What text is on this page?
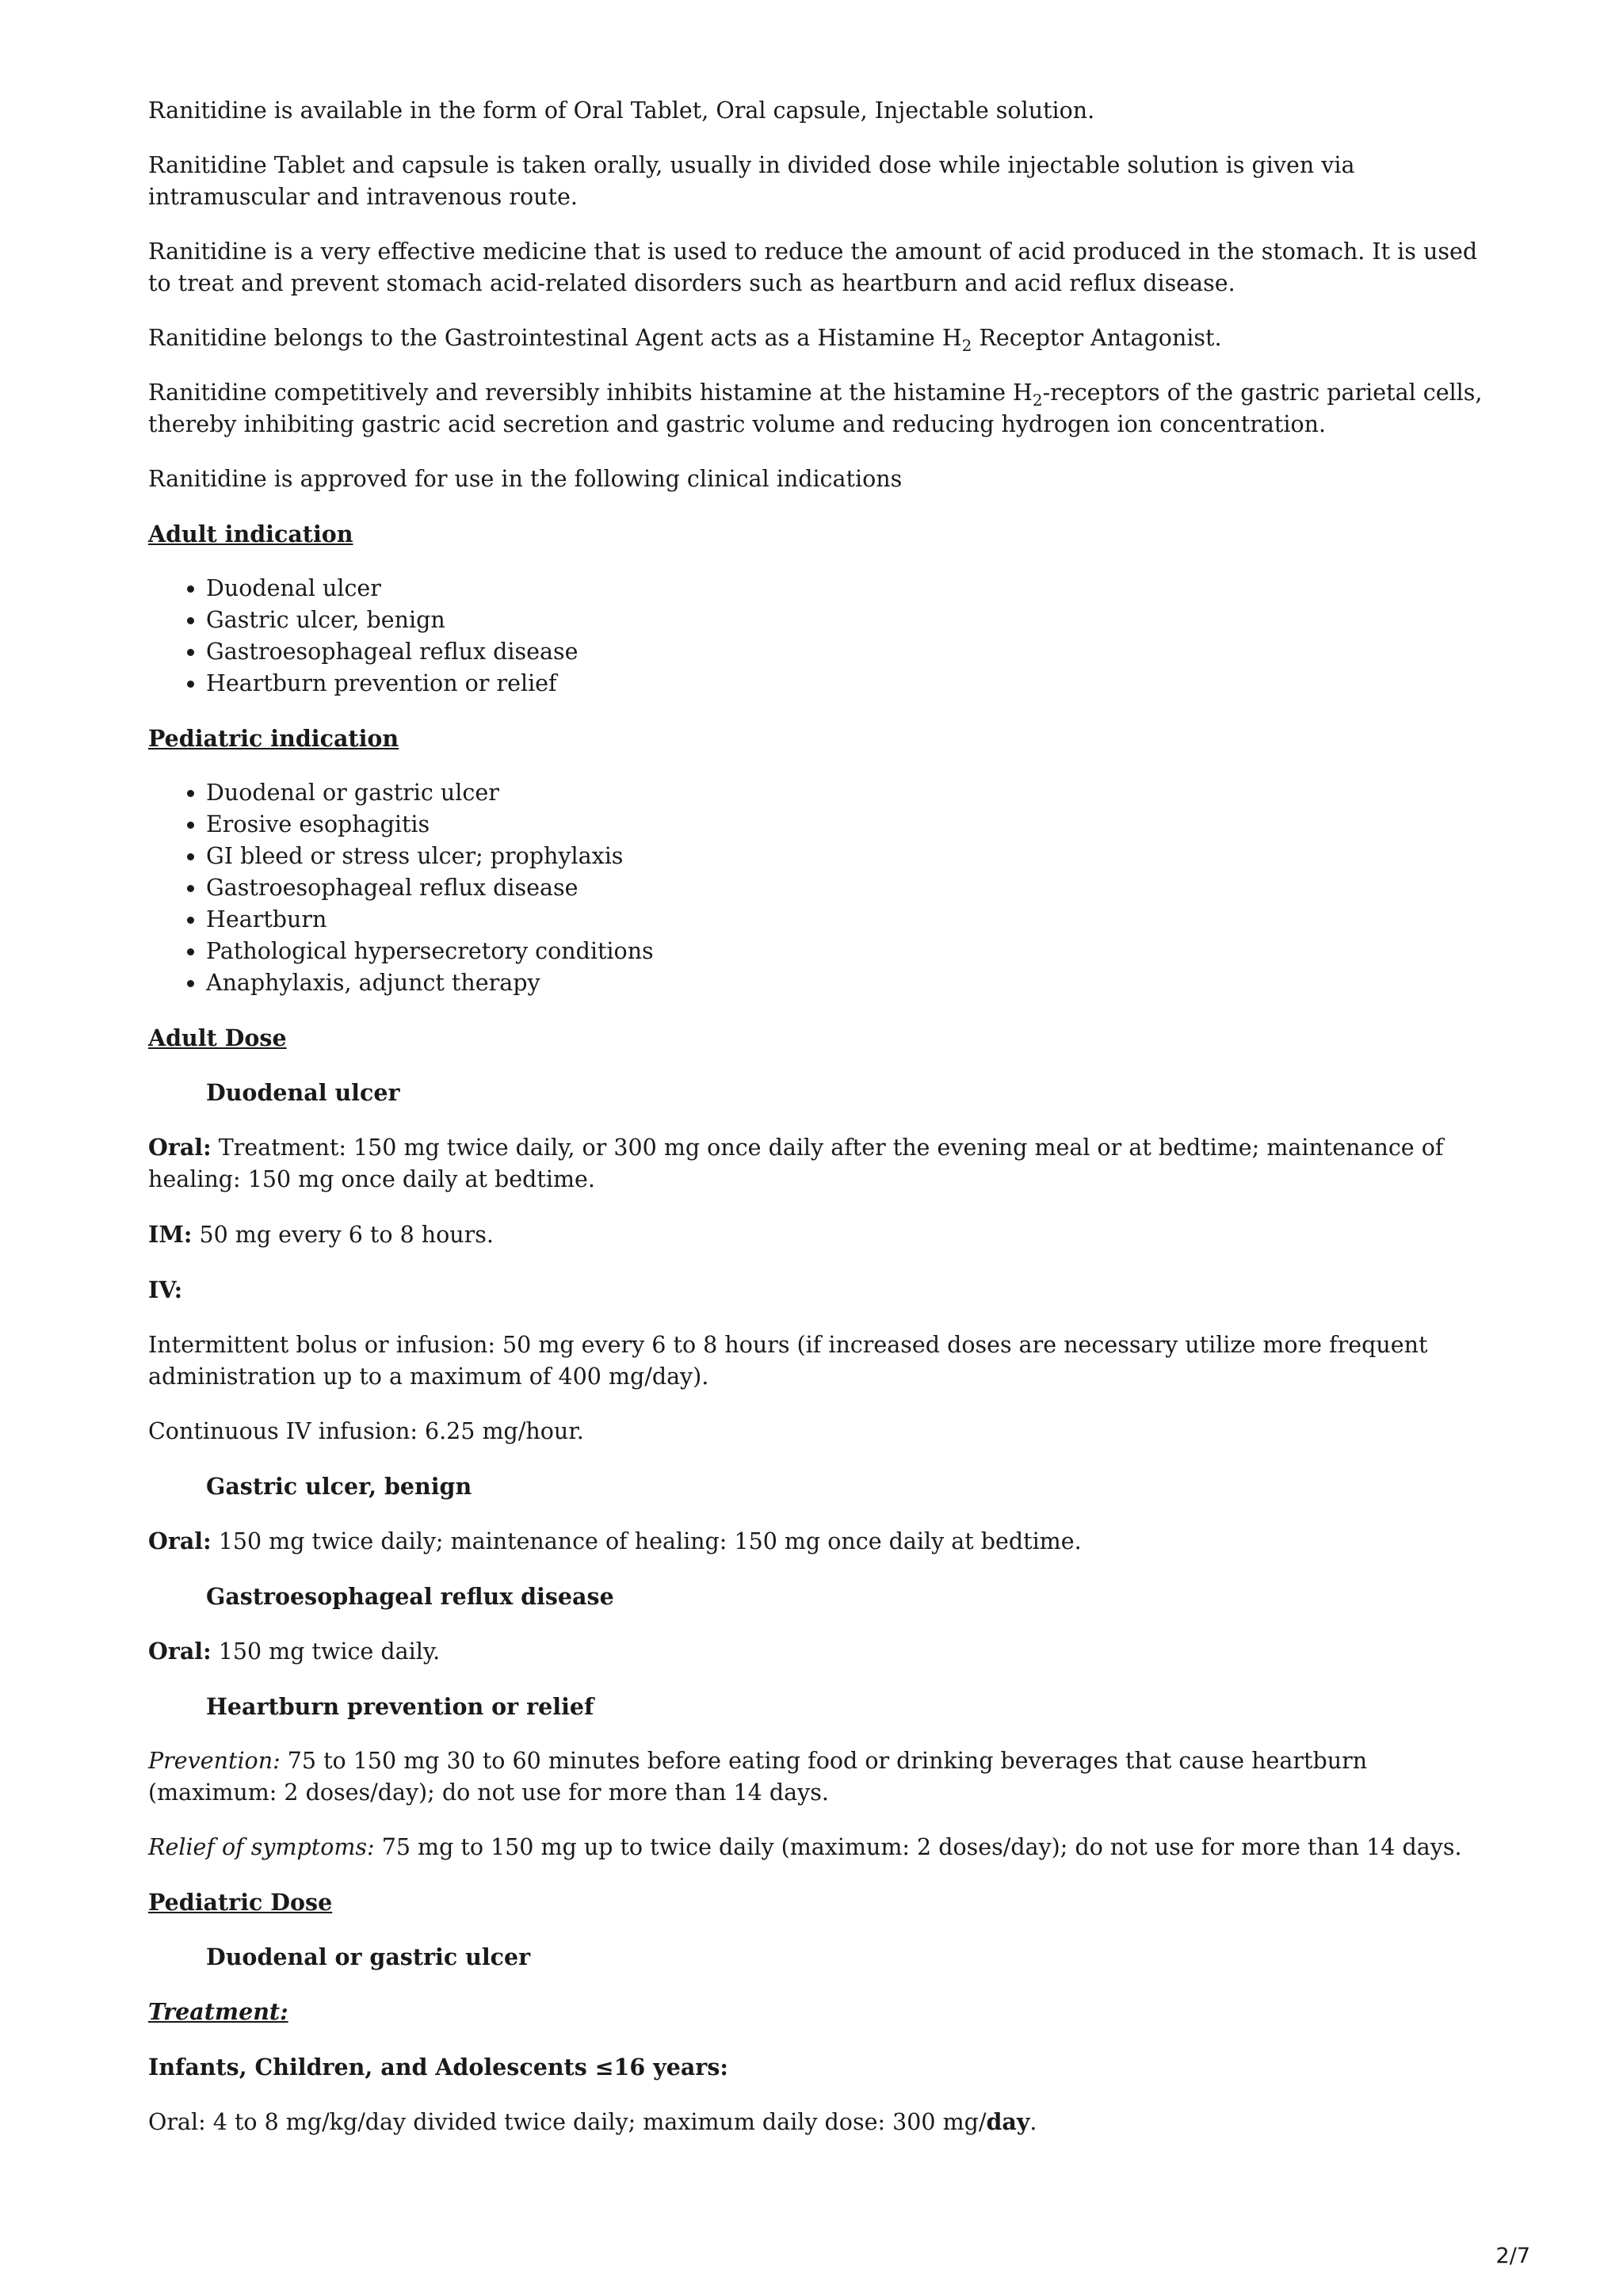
Ranitidine is available in the form of Oral Tablet, Oral capsule, Injectable solution.

Ranitidine Tablet and capsule is taken orally, usually in divided dose while injectable solution is given via intramuscular and intravenous route.

Ranitidine is a very effective medicine that is used to reduce the amount of acid produced in the stomach. It is used to treat and prevent stomach acid-related disorders such as heartburn and acid reflux disease.

Ranitidine belongs to the Gastrointestinal Agent acts as a Histamine $H_2$ Receptor Antagonist.

Ranitidine competitively and reversibly inhibits histamine at the histamine $H_2$-receptors of the gastric parietal cells, thereby inhibiting gastric acid secretion and gastric volume and reducing hydrogen ion concentration.

Ranitidine is approved for use in the following clinical indications

Adult indication
• Duodenal ulcer
• Gastric ulcer, benign
• Gastroesophageal reflux disease
• Heartburn prevention or relief
Pediatric indication
• Duodenal or gastric ulcer
• Erosive esophagitis
• GI bleed or stress ulcer; prophylaxis
• Gastroesophageal reflux disease
• Heartburn
• Pathological hypersecretory conditions
• Anaphylaxis, adjunct therapy
Adult Dose
Duodenal ulcer

Oral: Treatment: 150 mg twice daily, or 300 mg once daily after the evening meal or at bedtime; maintenance of healing: 150 mg once daily at bedtime.

IM: 50 mg every 6 to 8 hours.

IV:

Intermittent bolus or infusion: 50 mg every 6 to 8 hours (if increased doses are necessary utilize more frequent administration up to a maximum of 400 mg/day).

Continuous IV infusion: 6.25 mg/hour.

Gastric ulcer, benign

Oral: 150 mg twice daily; maintenance of healing: 150 mg once daily at bedtime.

Gastroesophageal reflux disease

Oral: 150 mg twice daily.

Heartburn prevention or relief

Prevention: 75 to 150 mg 30 to 60 minutes before eating food or drinking beverages that cause heartburn (maximum: 2 doses/day); do not use for more than 14 days.

Relief of symptoms: 75 mg to 150 mg up to twice daily (maximum: 2 doses/day); do not use for more than 14 days.

Pediatric Dose
Duodenal or gastric ulcer

Treatment:

Infants, Children, and Adolescents ≤16 years:

Oral: 4 to 8 mg/kg/day divided twice daily; maximum daily dose: 300 mg/day.

2/7
